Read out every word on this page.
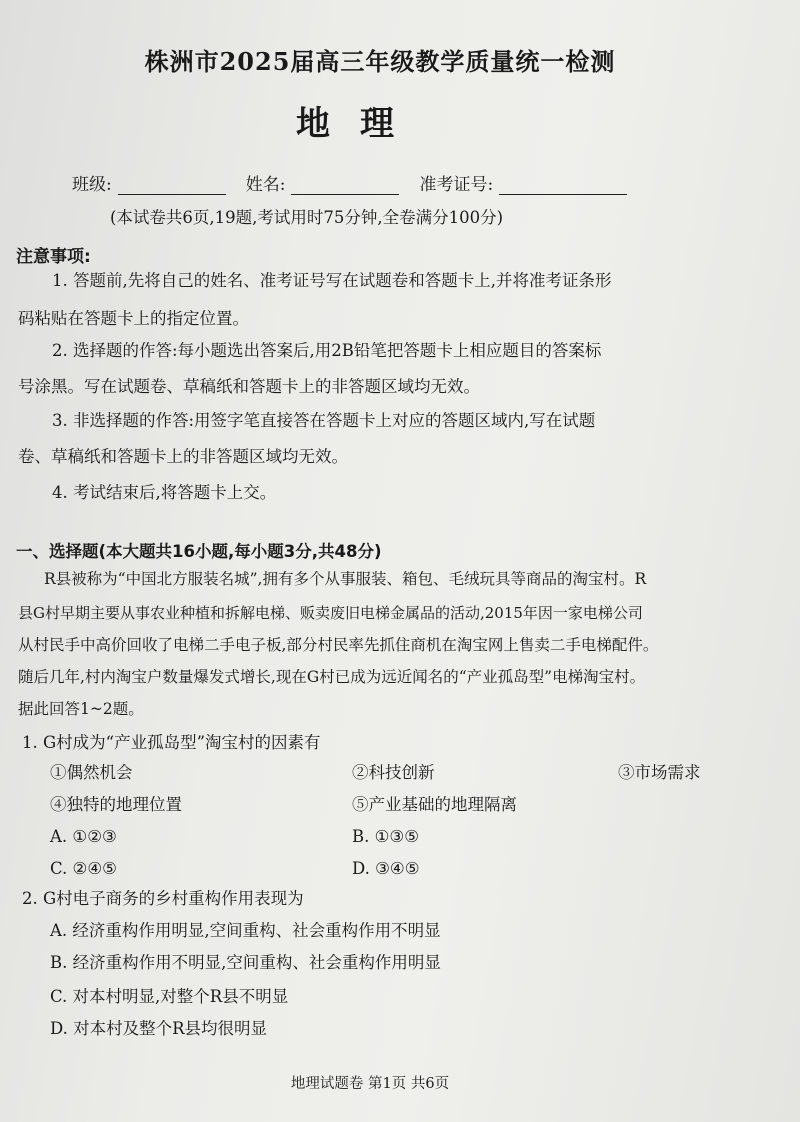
株洲市2025届高三年级教学质量统一检测
地理
班级:	姓名:	准考证号:
(本试卷共6页,19题,考试用时75分钟,全卷满分100分)
注意事项:
1. 答题前,先将自己的姓名、准考证号写在试题卷和答题卡上,并将准考证条形
码粘贴在答题卡上的指定位置。
2. 选择题的作答:每小题选出答案后,用2B铅笔把答题卡上相应题目的答案标
号涂黑。写在试题卷、草稿纸和答题卡上的非答题区域均无效。
3. 非选择题的作答:用签字笔直接答在答题卡上对应的答题区域内,写在试题
卷、草稿纸和答题卡上的非答题区域均无效。
4. 考试结束后,将答题卡上交。
一、选择题(本大题共16小题,每小题3分,共48分)
R县被称为“中国北方服装名城”,拥有多个从事服装、箱包、毛绒玩具等商品的淘宝村。R
县G村早期主要从事农业种植和拆解电梯、贩卖废旧电梯金属品的活动,2015年因一家电梯公司
从村民手中高价回收了电梯二手电子板,部分村民率先抓住商机在淘宝网上售卖二手电梯配件。
随后几年,村内淘宝户数量爆发式增长,现在G村已成为远近闻名的“产业孤岛型”电梯淘宝村。
据此回答1~2题。
1. G村成为“产业孤岛型”淘宝村的因素有
①偶然机会	②科技创新	③市场需求
④独特的地理位置	⑤产业基础的地理隔离
A. ①②③	B. ①③⑤
C. ②④⑤	D. ③④⑤
2. G村电子商务的乡村重构作用表现为
A. 经济重构作用明显,空间重构、社会重构作用不明显
B. 经济重构作用不明显,空间重构、社会重构作用明显
C. 对本村明显,对整个R县不明显
D. 对本村及整个R县均很明显
地理试题卷 第1页 共6页
